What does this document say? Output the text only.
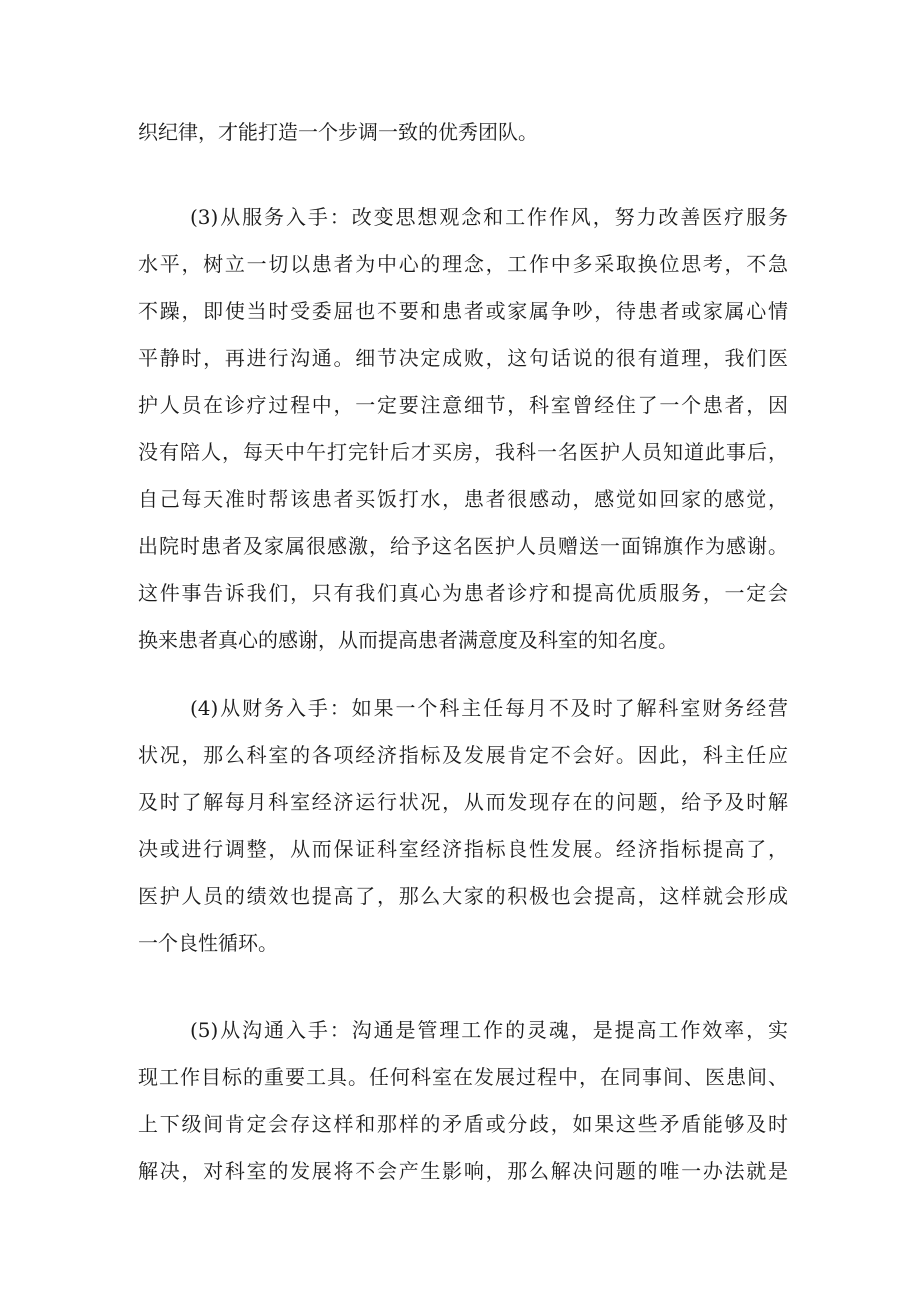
织纪律，才能打造一个步调一致的优秀团队。
(3)从服务入手：改变思想观念和工作作风，努力改善医疗服务
水平，树立一切以患者为中心的理念，工作中多采取换位思考，不急
不躁，即使当时受委屈也不要和患者或家属争吵，待患者或家属心情
平静时，再进行沟通。细节决定成败，这句话说的很有道理，我们医
护人员在诊疗过程中，一定要注意细节，科室曾经住了一个患者，因
没有陪人，每天中午打完针后才买房，我科一名医护人员知道此事后，
自己每天准时帮该患者买饭打水，患者很感动，感觉如回家的感觉，
出院时患者及家属很感激，给予这名医护人员赠送一面锦旗作为感谢。
这件事告诉我们，只有我们真心为患者诊疗和提高优质服务，一定会
换来患者真心的感谢，从而提高患者满意度及科室的知名度。
(4)从财务入手：如果一个科主任每月不及时了解科室财务经营
状况，那么科室的各项经济指标及发展肯定不会好。因此，科主任应
及时了解每月科室经济运行状况，从而发现存在的问题，给予及时解
决或进行调整，从而保证科室经济指标良性发展。经济指标提高了，
医护人员的绩效也提高了，那么大家的积极也会提高，这样就会形成
一个良性循环。
(5)从沟通入手：沟通是管理工作的灵魂，是提高工作效率，实
现工作目标的重要工具。任何科室在发展过程中，在同事间、医患间、
上下级间肯定会存这样和那样的矛盾或分歧，如果这些矛盾能够及时
解决，对科室的发展将不会产生影响，那么解决问题的唯一办法就是
